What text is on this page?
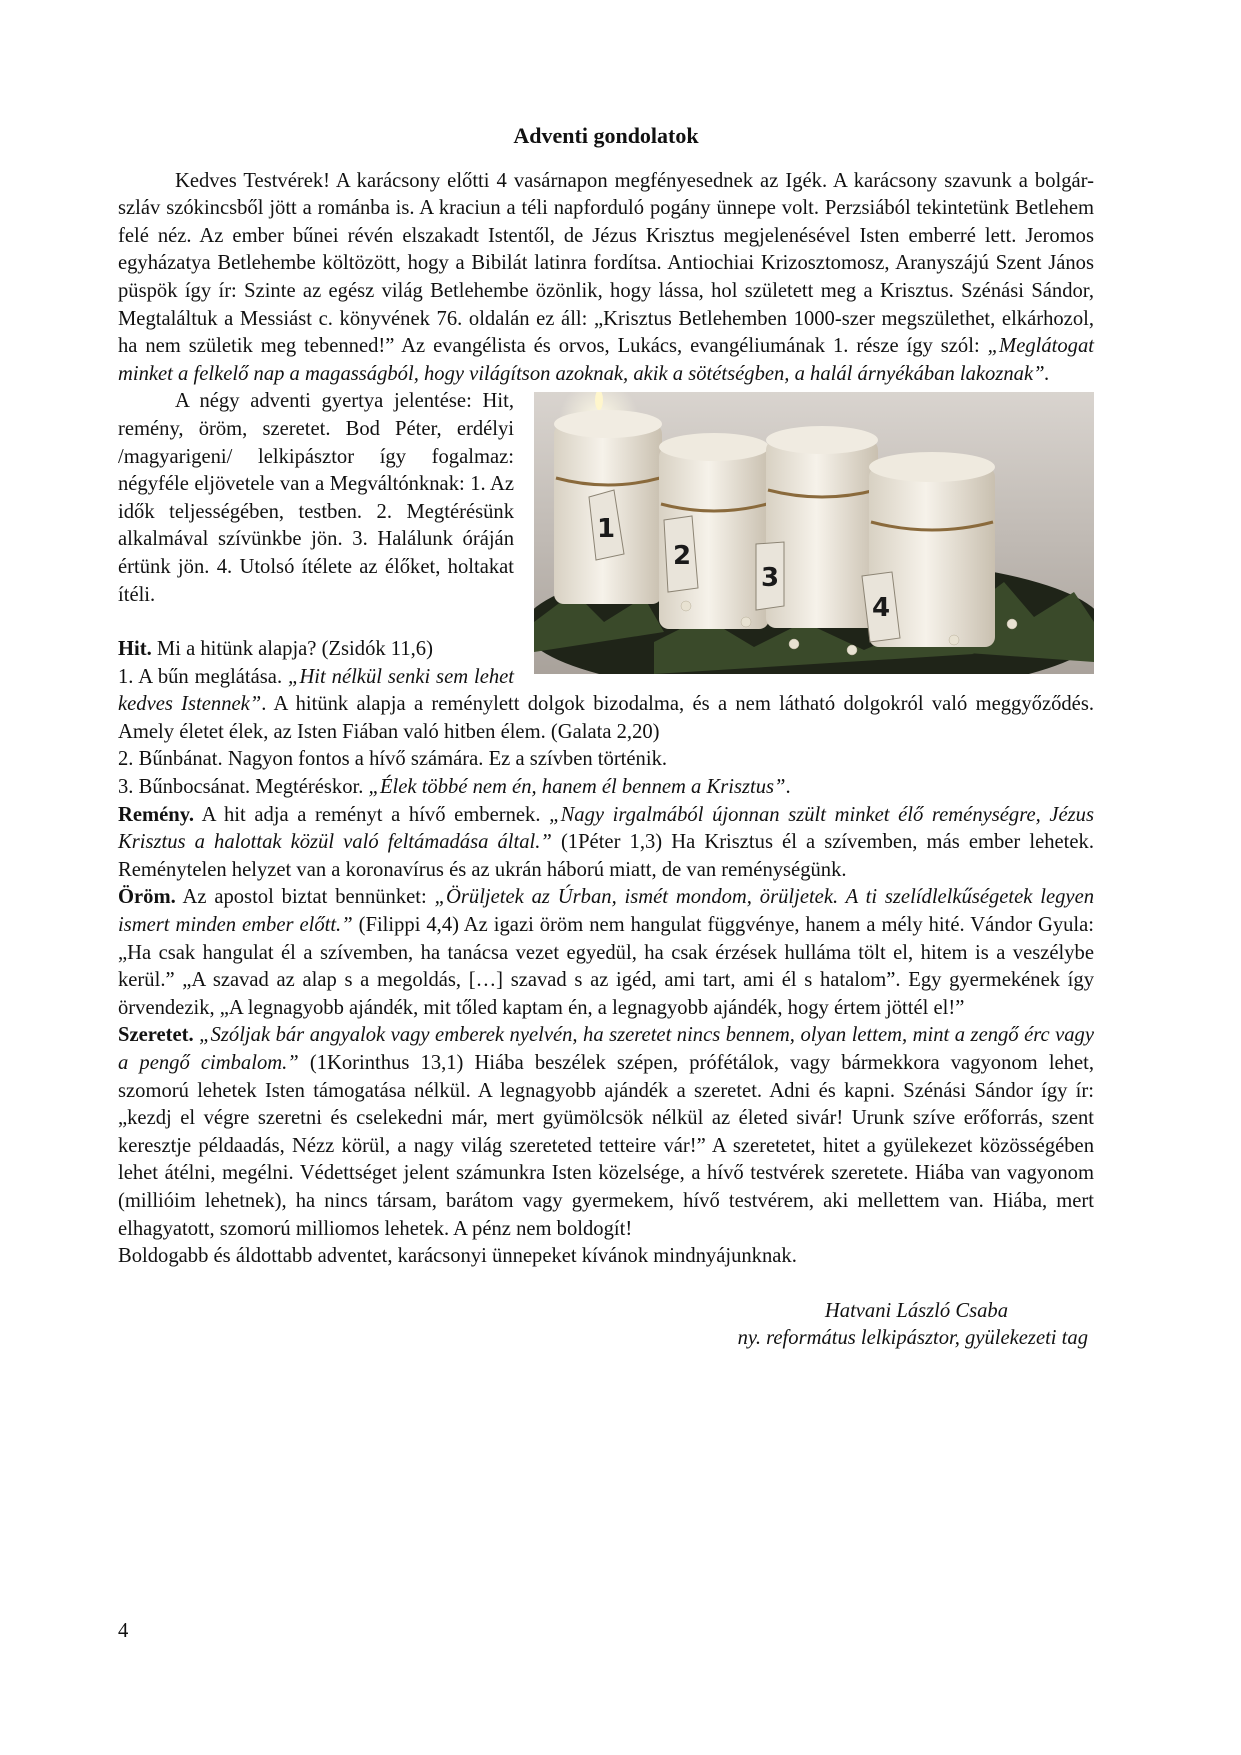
Adventi gondolatok

Kedves Testvérek! A karácsony előtti 4 vasárnapon megfényesednek az Igék. A karácsony szavunk a bolgár-szláv szókincsből jött a románba is. A kraciun a téli napforduló pogány ünnepe volt. Perzsiából tekintetünk Betlehem felé néz. Az ember bűnei révén elszakadt Istentől, de Jézus Krisztus megjelenésével Isten emberré lett. Jeromos egyházatya Betlehembe költözött, hogy a Bibilát latinra fordítsa. Antiochiai Krizosztomosz, Aranyszájú Szent János püspök így ír: Szinte az egész világ Betlehembe özönlik, hogy lássa, hol született meg a Krisztus. Szénási Sándor, Megtaláltuk a Messiást c. könyvének 76. oldalán ez áll: „Krisztus Betlehemben 1000-szer megszülethet, elkárhozol, ha nem születik meg tebenned!” Az evangélista és orvos, Lukács, evangéliumának 1. része így szól: „Meglátogat minket a felkelő nap a magasságból, hogy világítson azoknak, akik a sötétségben, a halál árnyékában lakoznak”.

1
2
3
4

A négy adventi gyertya jelentése: Hit, remény, öröm, szeretet. Bod Péter, erdélyi /magyarigeni/ lelkipásztor így fogalmaz: négyféle eljövetele van a Megváltónknak: 1. Az idők teljességében, testben. 2. Megtérésünk alkalmával szívünkbe jön. 3. Halálunk óráján értünk jön. 4. Utolsó ítélete az élőket, holtakat ítéli.

Hit. Mi a hitünk alapja? (Zsidók 11,6)

1. A bűn meglátása. „Hit nélkül senki sem lehet kedves Istennek”. A hitünk alapja a reménylett dolgok bizodalma, és a nem látható dolgokról való meggyőződés. Amely életet élek, az Isten Fiában való hitben élem. (Galata 2,20)

2. Bűnbánat. Nagyon fontos a hívő számára. Ez a szívben történik.

3. Bűnbocsánat. Megtéréskor. „Élek többé nem én, hanem él bennem a Krisztus”.

Remény. A hit adja a reményt a hívő embernek. „Nagy irgalmából újonnan szült minket élő reménységre, Jézus Krisztus a halottak közül való feltámadása által.” (1Péter 1,3) Ha Krisztus él a szívemben, más ember lehetek. Reménytelen helyzet van a koronavírus és az ukrán háború miatt, de van reménységünk.

Öröm. Az apostol biztat bennünket: „Örüljetek az Úrban, ismét mondom, örüljetek. A ti szelídlelkűségetek legyen ismert minden ember előtt.” (Filippi 4,4) Az igazi öröm nem hangulat függvénye, hanem a mély hité. Vándor Gyula: „Ha csak hangulat él a szívemben, ha tanácsa vezet egyedül, ha csak érzések hulláma tölt el, hitem is a veszélybe kerül.” „A szavad az alap s a megoldás, […] szavad s az igéd, ami tart, ami él s hatalom”. Egy gyermekének így örvendezik, „A legnagyobb ajándék, mit tőled kaptam én, a legnagyobb ajándék, hogy értem jöttél el!”

Szeretet. „Szóljak bár angyalok vagy emberek nyelvén, ha szeretet nincs bennem, olyan lettem, mint a zengő érc vagy a pengő cimbalom.” (1Korinthus 13,1) Hiába beszélek szépen, prófétálok, vagy bármekkora vagyonom lehet, szomorú lehetek Isten támogatása nélkül. A legnagyobb ajándék a szeretet. Adni és kapni. Szénási Sándor így ír: „kezdj el végre szeretni és cselekedni már, mert gyümölcsök nélkül az életed sivár! Urunk szíve erőforrás, szent keresztje példaadás, Nézz körül, a nagy világ szereteted tetteire vár!” A szeretetet, hitet a gyülekezet közösségében lehet átélni, megélni. Védettséget jelent számunkra Isten közelsége, a hívő testvérek szeretete. Hiába van vagyonom (millióim lehetnek), ha nincs társam, barátom vagy gyermekem, hívő testvérem, aki mellettem van. Hiába, mert elhagyatott, szomorú milliomos lehetek. A pénz nem boldogít!

Boldogabb és áldottabb adventet, karácsonyi ünnepeket kívánok mindnyájunknak.

Hatvani László Csaba
ny. református lelkipásztor, gyülekezeti tag
4
